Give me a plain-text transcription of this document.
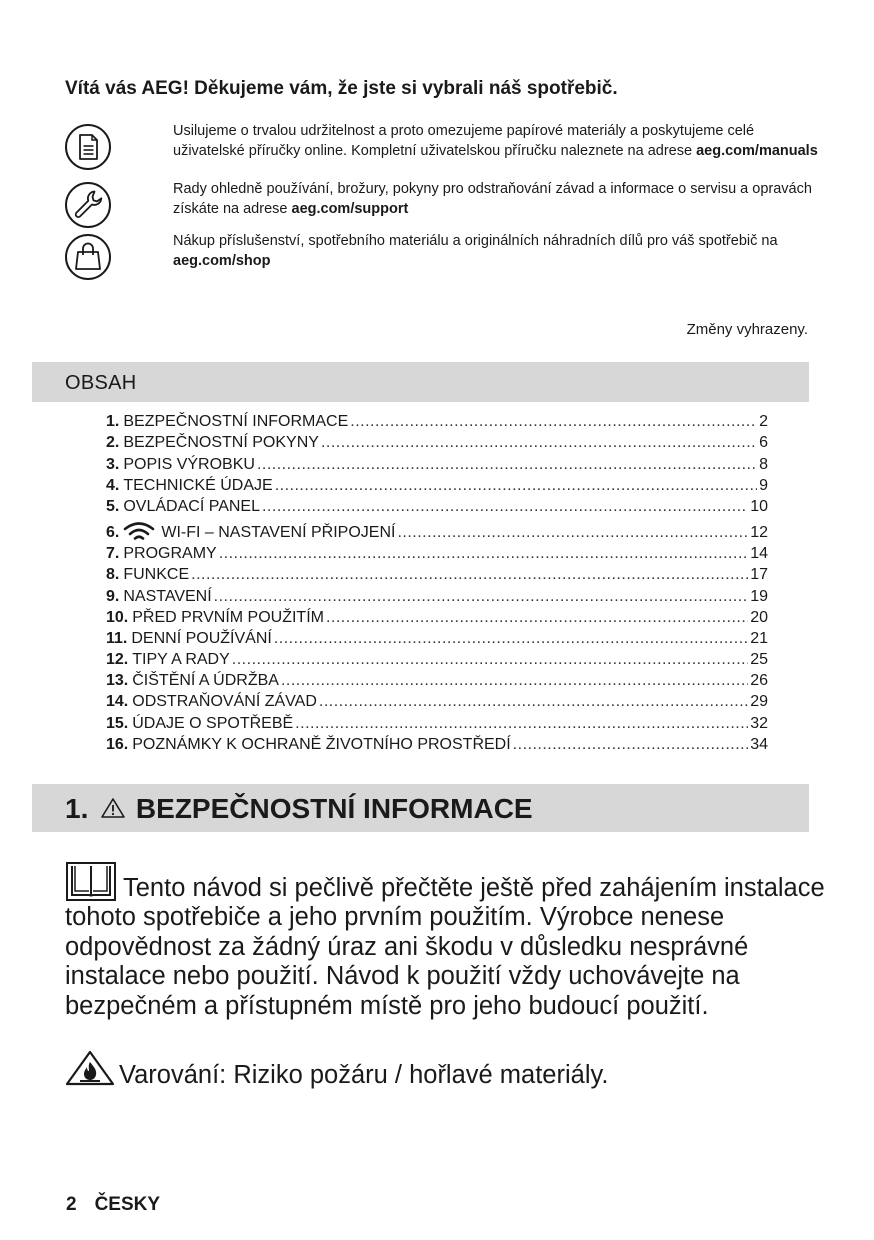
Vítá vás AEG! Děkujeme vám, že jste si vybrali náš spotřebič.
Usilujeme o trvalou udržitelnost a proto omezujeme papírové materiály a poskytujeme celé uživatelské příručky online. Kompletní uživatelskou příručku naleznete na adrese aeg.com/manuals
Rady ohledně používání, brožury, pokyny pro odstraňování závad a informace o servisu a opravách získáte na adrese aeg.com/support
Nákup příslušenství, spotřebního materiálu a originálních náhradních dílů pro váš spotřebič na aeg.com/shop
Změny vyhrazeny.
OBSAH
1. BEZPEČNOSTNÍ INFORMACE .....	2
2. BEZPEČNOSTNÍ POKYNY .....	6
3. POPIS VÝROBKU .....	8
4. TECHNICKÉ ÚDAJE .....	9
5. OVLÁDACÍ PANEL .....	10
6.	WI-FI – NASTAVENÍ PŘIPOJENÍ .....	12
7. PROGRAMY .....	14
8. FUNKCE .....	17
9. NASTAVENÍ .....	19
10. PŘED PRVNÍM POUŽITÍM .....	20
11. DENNÍ POUŽÍVÁNÍ .....	21
12. TIPY A RADY .....	25
13. ČIŠTĚNÍ A ÚDRŽBA .....	26
14. ODSTRAŇOVÁNÍ ZÁVAD .....	29
15. ÚDAJE O SPOTŘEBĚ .....	32
16. POZNÁMKY K OCHRANĚ ŽIVOTNÍHO PROSTŘEDÍ .....	34
1. BEZPEČNOSTNÍ INFORMACE
Tento návod si pečlivě přečtěte ještě před zahájením instalace tohoto spotřebiče a jeho prvním použitím. Výrobce nenese odpovědnost za žádný úraz ani škodu v důsledku nesprávné instalace nebo použití. Návod k použití vždy uchovávejte na bezpečném a přístupném místě pro jeho budoucí použití.
Varování: Riziko požáru / hořlavé materiály.
2 ČESKY
